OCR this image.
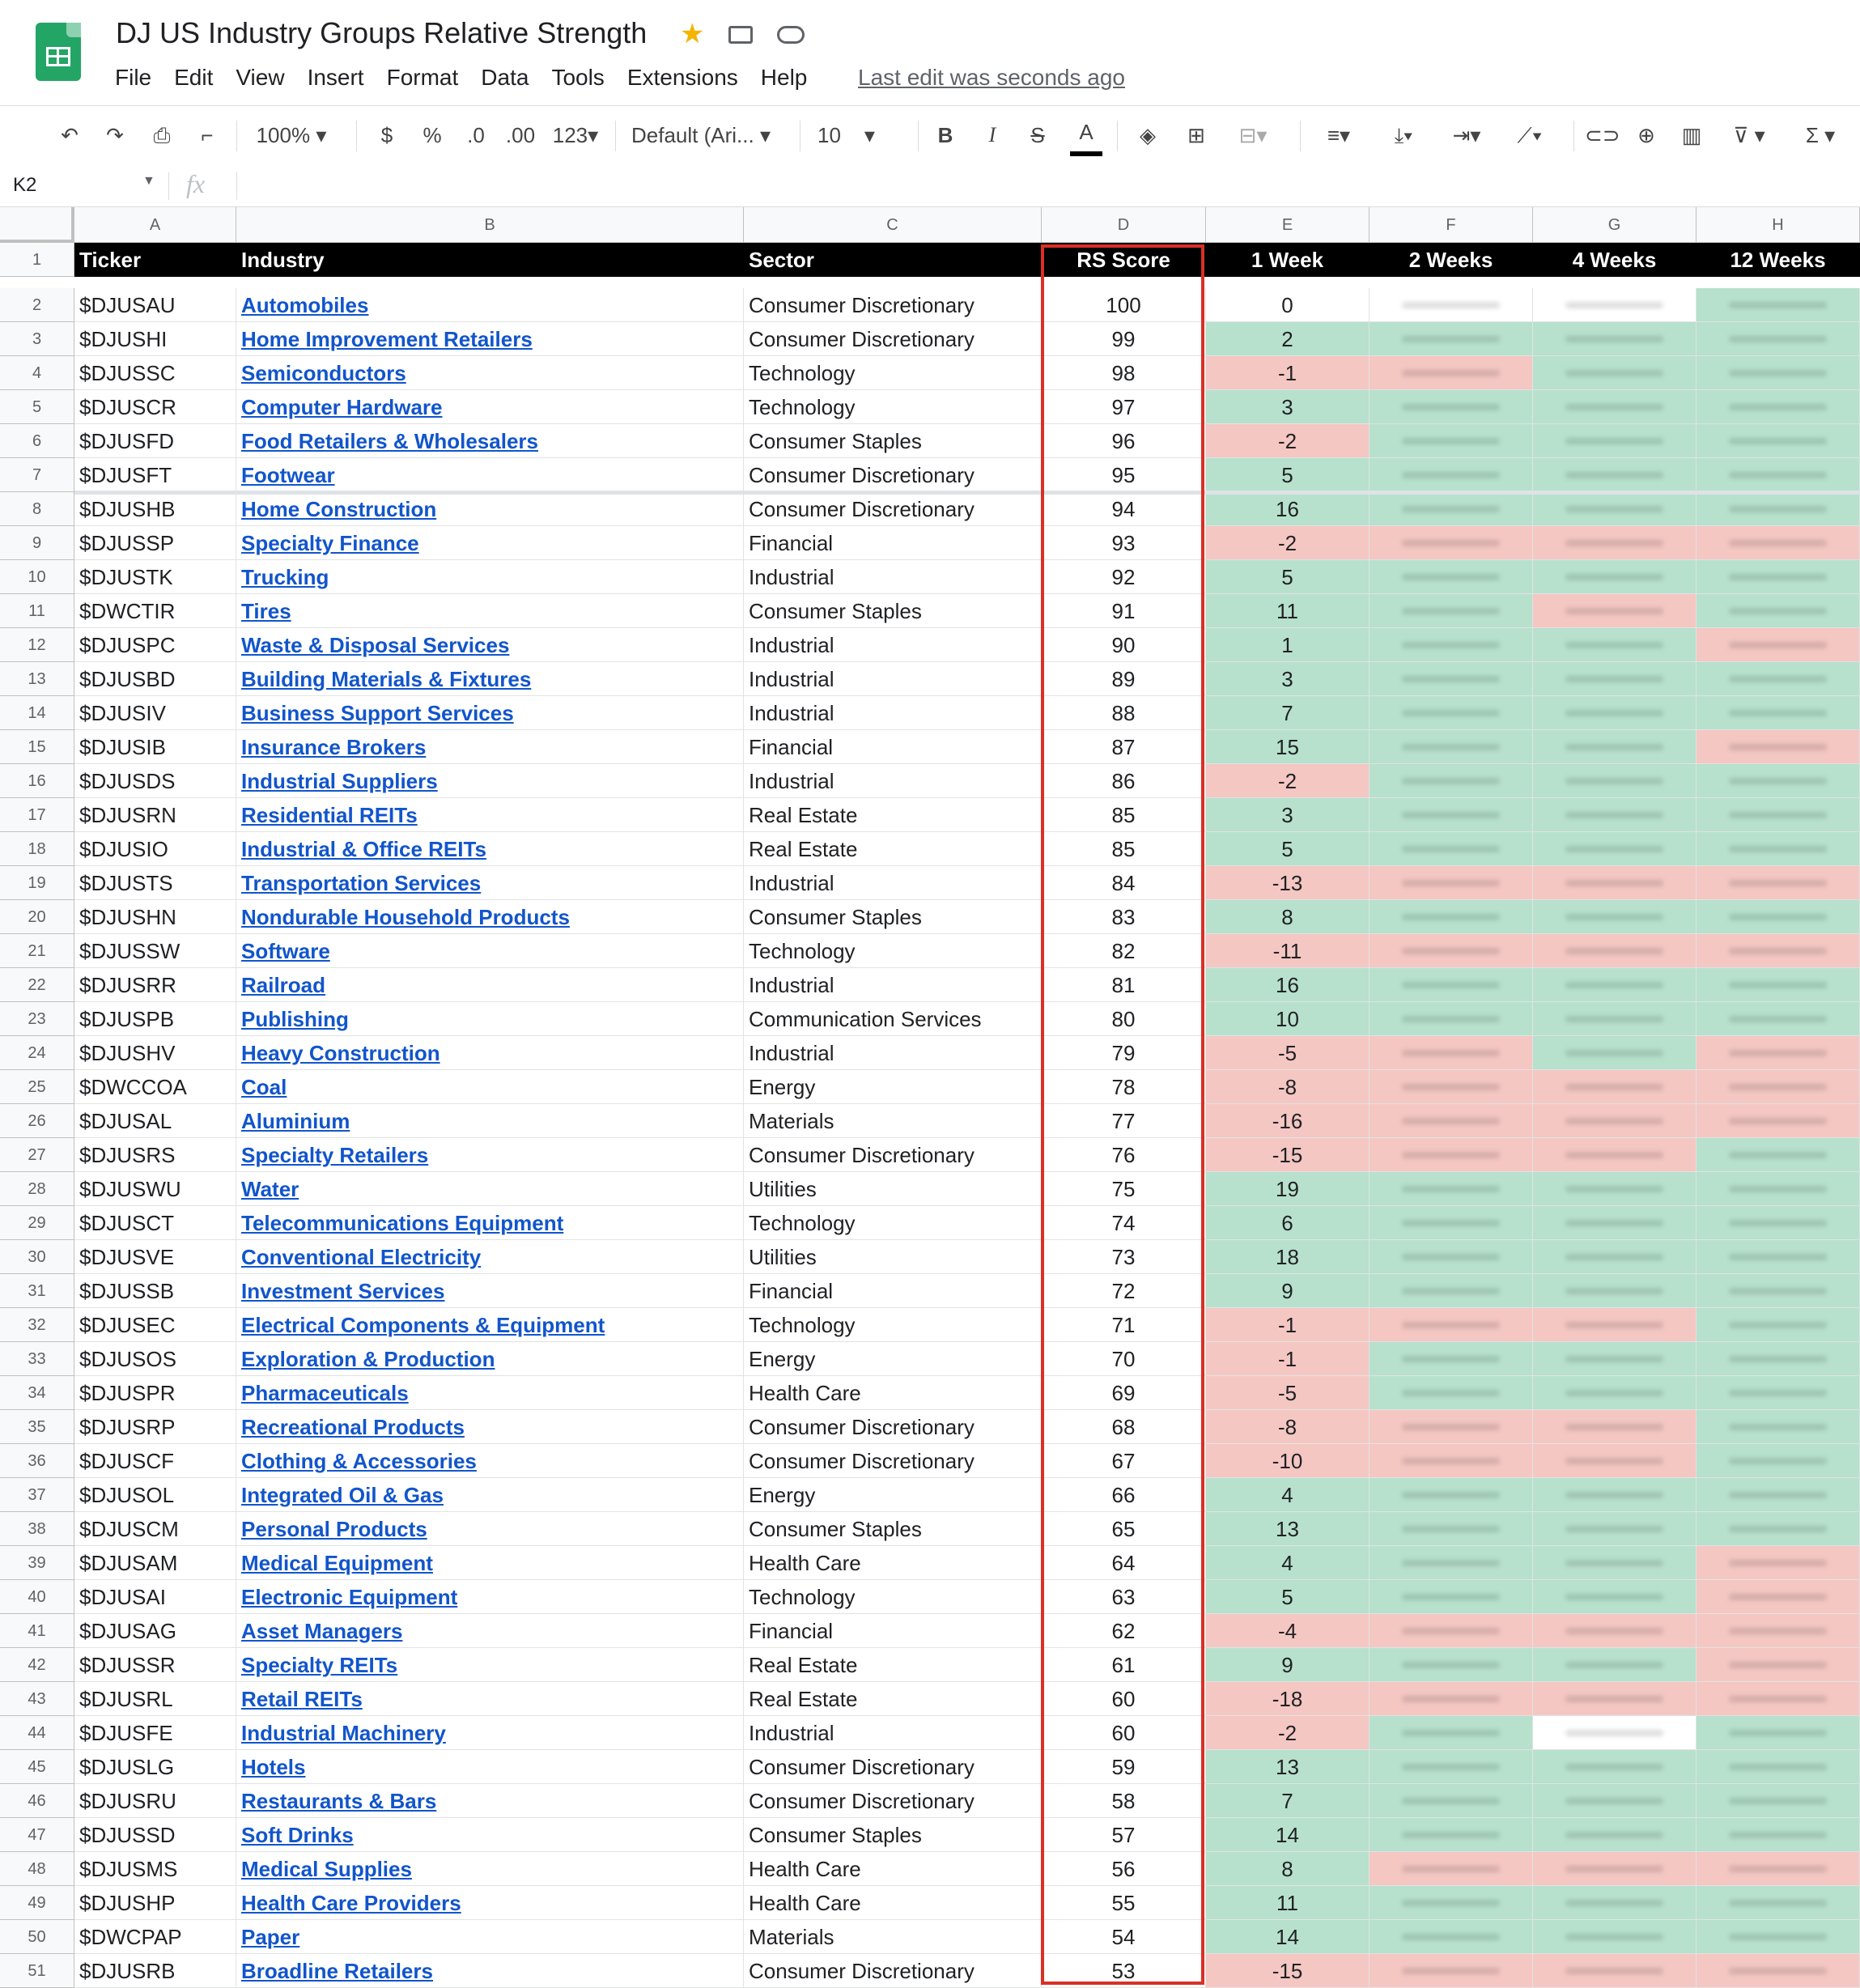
DJ US Industry Groups Relative Strength ★
File Edit View Insert Format Data Tools Extensions Help Last edit was seconds ago
↶	↷	⎙	⌐	100% ▾	$	%	.0	.00 123▾ Default (Ari... ▾	10 ▾	B	I	S	A	◈	⊞	⊟▾	≡▾	⤓▾	⇥▾	⟋▾	⊂⊃ ⊕	▥	⊽ ▾	Σ ▾
K2	▼ fx
A	B	C	D	E	F	G	H
1	Ticker	Industry	Sector	RS Score	1 Week	2 Weeks	4 Weeks	12 Weeks
2	$DJUSAU	Automobiles	Consumer Discretionary	100	0
3	$DJUSHI	Home Improvement Retailers	Consumer Discretionary	99	2
4	$DJUSSC	Semiconductors	Technology	98	-1
5	$DJUSCR	Computer Hardware	Technology	97	3
6	$DJUSFD	Food Retailers & Wholesalers	Consumer Staples	96	-2
7	$DJUSFT	Footwear	Consumer Discretionary	95	5
8	$DJUSHB	Home Construction	Consumer Discretionary	94	16
9	$DJUSSP	Specialty Finance	Financial	93	-2
10	$DJUSTK	Trucking	Industrial	92	5
11	$DWCTIR	Tires	Consumer Staples	91	11
12	$DJUSPC	Waste & Disposal Services	Industrial	90	1
13	$DJUSBD	Building Materials & Fixtures	Industrial	89	3
14	$DJUSIV	Business Support Services	Industrial	88	7
15	$DJUSIB	Insurance Brokers	Financial	87	15
16	$DJUSDS	Industrial Suppliers	Industrial	86	-2
17	$DJUSRN	Residential REITs	Real Estate	85	3
18	$DJUSIO	Industrial & Office REITs	Real Estate	85	5
19	$DJUSTS	Transportation Services	Industrial	84	-13
20	$DJUSHN	Nondurable Household Products	Consumer Staples	83	8
21	$DJUSSW	Software	Technology	82	-11
22	$DJUSRR	Railroad	Industrial	81	16
23	$DJUSPB	Publishing	Communication Services	80	10
24	$DJUSHV	Heavy Construction	Industrial	79	-5
25	$DWCCOA	Coal	Energy	78	-8
26	$DJUSAL	Aluminium	Materials	77	-16
27	$DJUSRS	Specialty Retailers	Consumer Discretionary	76	-15
28	$DJUSWU	Water	Utilities	75	19
29	$DJUSCT	Telecommunications Equipment	Technology	74	6
30	$DJUSVE	Conventional Electricity	Utilities	73	18
31	$DJUSSB	Investment Services	Financial	72	9
32	$DJUSEC	Electrical Components & Equipment	Technology	71	-1
33	$DJUSOS	Exploration & Production	Energy	70	-1
34	$DJUSPR	Pharmaceuticals	Health Care	69	-5
35	$DJUSRP	Recreational Products	Consumer Discretionary	68	-8
36	$DJUSCF	Clothing & Accessories	Consumer Discretionary	67	-10
37	$DJUSOL	Integrated Oil & Gas	Energy	66	4
38	$DJUSCM	Personal Products	Consumer Staples	65	13
39	$DJUSAM	Medical Equipment	Health Care	64	4
40	$DJUSAI	Electronic Equipment	Technology	63	5
41	$DJUSAG	Asset Managers	Financial	62	-4
42	$DJUSSR	Specialty REITs	Real Estate	61	9
43	$DJUSRL	Retail REITs	Real Estate	60	-18
44	$DJUSFE	Industrial Machinery	Industrial	60	-2
45	$DJUSLG	Hotels	Consumer Discretionary	59	13
46	$DJUSRU	Restaurants & Bars	Consumer Discretionary	58	7
47	$DJUSSD	Soft Drinks	Consumer Staples	57	14
48	$DJUSMS	Medical Supplies	Health Care	56	8
49	$DJUSHP	Health Care Providers	Health Care	55	11
50	$DWCPAP	Paper	Materials	54	14
51	$DJUSRB	Broadline Retailers	Consumer Discretionary	53	-15
